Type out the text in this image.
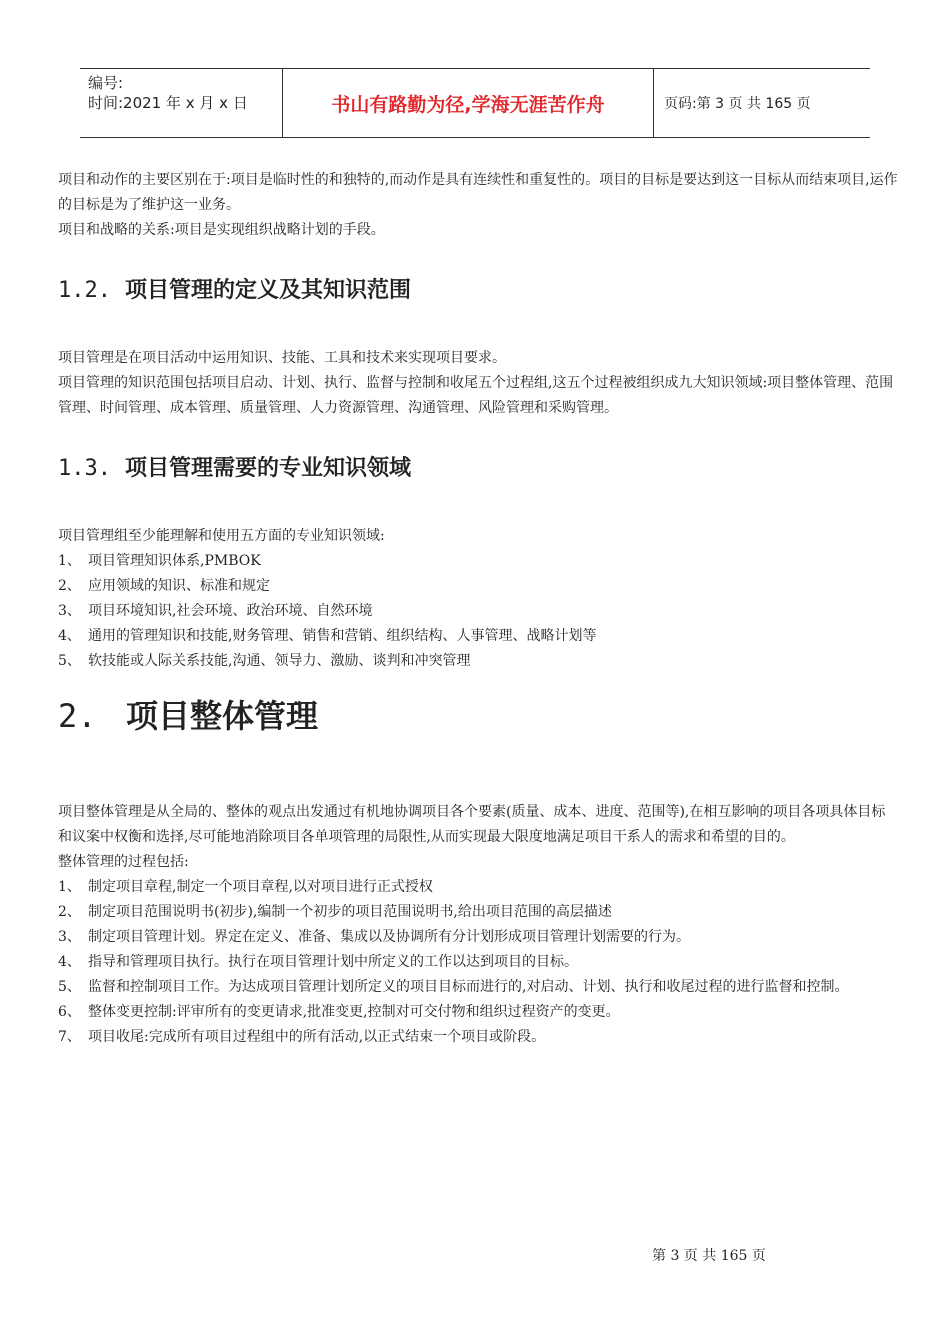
编号:
时间:2021 年 x 月 x 日	书山有路勤为径,学海无涯苦作舟	页码:第 3 页 共 165 页

项目和动作的主要区别在于:项目是临时性的和独特的,而动作是具有连续性和重复性的。项目的目标是要达到这一目标从而结束项目,运作的目标是为了维护这一业务。

项目和战略的关系:项目是实现组织战略计划的手段。

1.2. 项目管理的定义及其知识范围

项目管理是在项目活动中运用知识、技能、工具和技术来实现项目要求。

项目管理的知识范围包括项目启动、计划、执行、监督与控制和收尾五个过程组,这五个过程被组织成九大知识领域:项目整体管理、范围管理、时间管理、成本管理、质量管理、人力资源管理、沟通管理、风险管理和采购管理。

1.3. 项目管理需要的专业知识领域

项目管理组至少能理解和使用五方面的专业知识领域:

1、 项目管理知识体系,PMBOK
2、 应用领域的知识、标准和规定
3、 项目环境知识,社会环境、政治环境、自然环境
4、 通用的管理知识和技能,财务管理、销售和营销、组织结构、人事管理、战略计划等
5、 软技能或人际关系技能,沟通、领导力、激励、谈判和冲突管理
2. 项目整体管理

项目整体管理是从全局的、整体的观点出发通过有机地协调项目各个要素(质量、成本、进度、范围等),在相互影响的项目各项具体目标和议案中权衡和选择,尽可能地消除项目各单项管理的局限性,从而实现最大限度地满足项目干系人的需求和希望的目的。

整体管理的过程包括:

1、 制定项目章程,制定一个项目章程,以对项目进行正式授权
2、 制定项目范围说明书(初步),编制一个初步的项目范围说明书,给出项目范围的高层描述
3、 制定项目管理计划。界定在定义、准备、集成以及协调所有分计划形成项目管理计划需要的行为。
4、 指导和管理项目执行。执行在项目管理计划中所定义的工作以达到项目的目标。
5、 监督和控制项目工作。为达成项目管理计划所定义的项目目标而进行的,对启动、计划、执行和收尾过程的进行监督和控制。
6、 整体变更控制:评审所有的变更请求,批准变更,控制对可交付物和组织过程资产的变更。
7、 项目收尾:完成所有项目过程组中的所有活动,以正式结束一个项目或阶段。
第 3 页 共 165 页
